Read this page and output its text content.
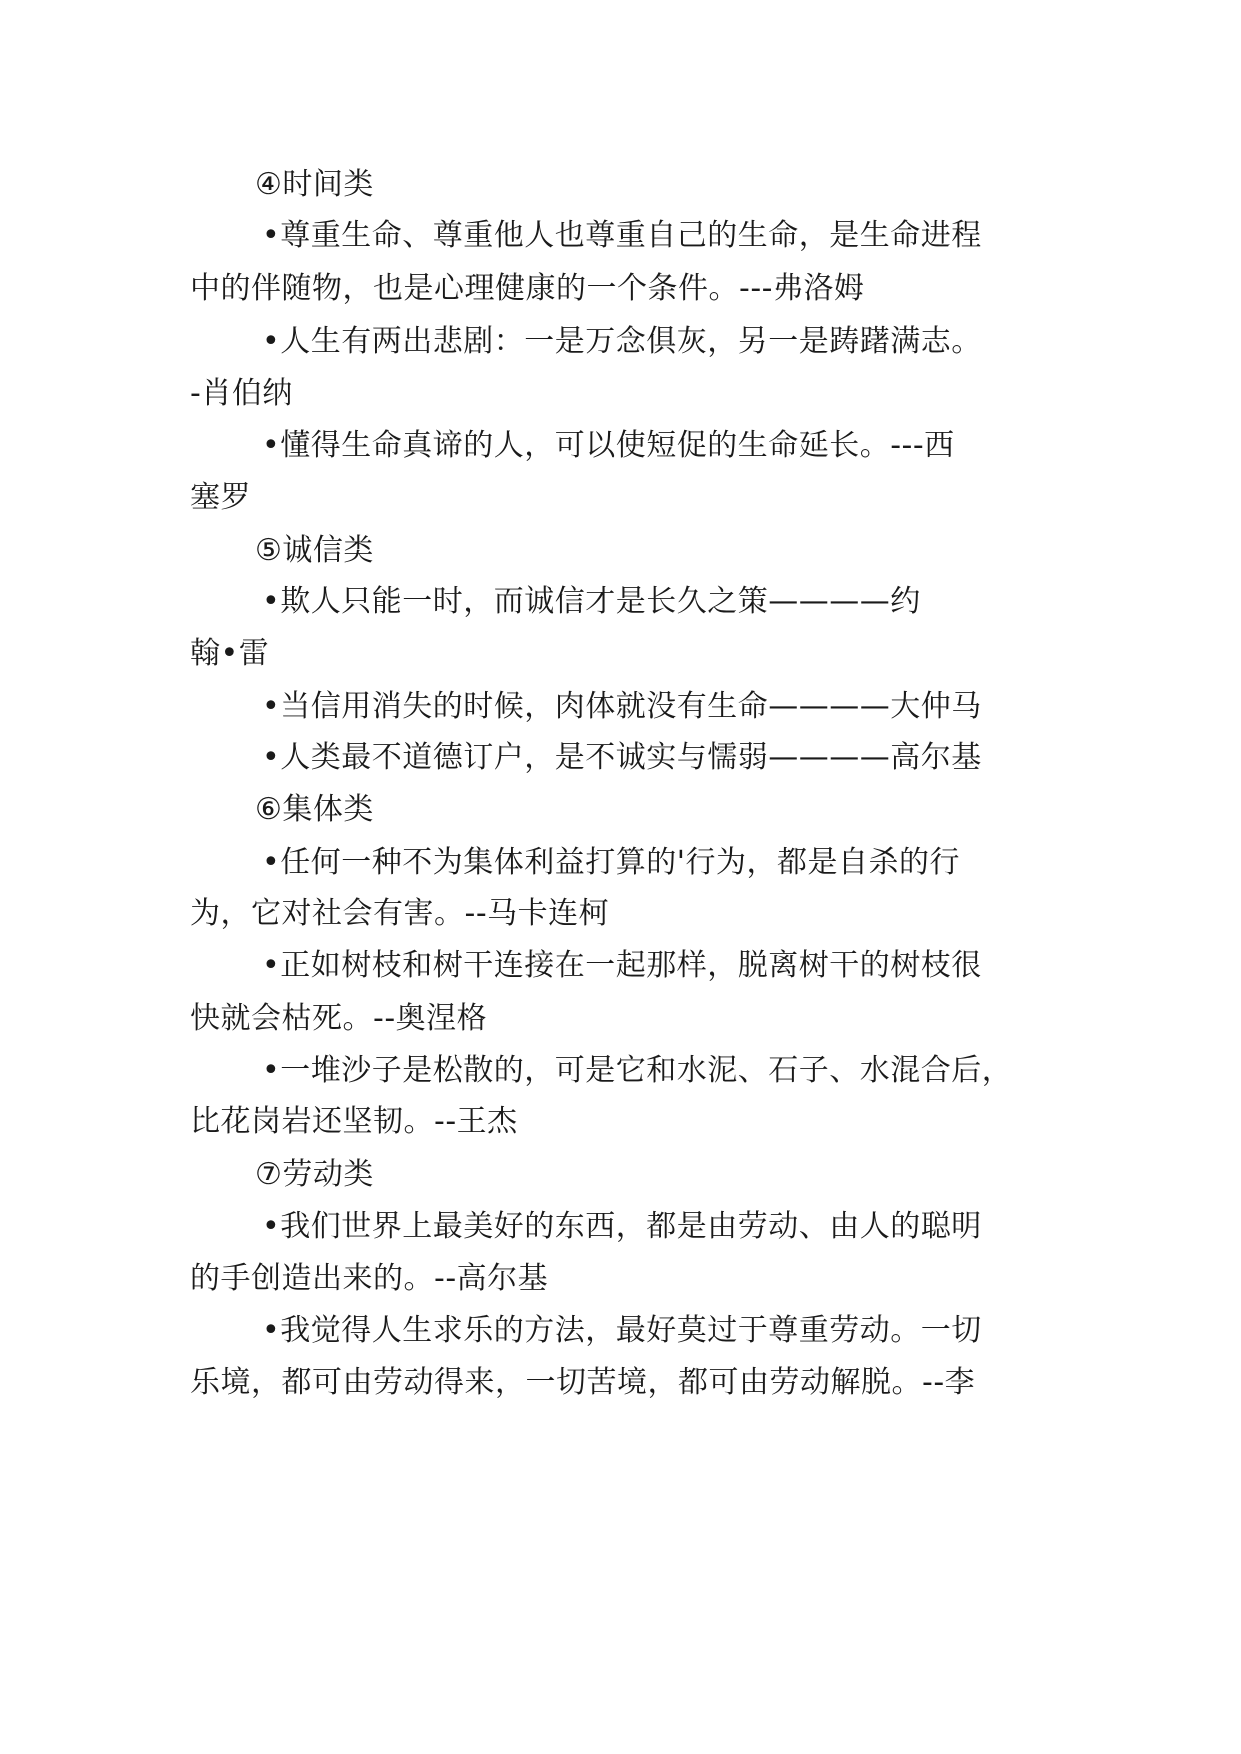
④时间类
•尊重生命、尊重他人也尊重自己的生命，是生命进程
中的伴随物，也是心理健康的一个条件。---弗洛姆
•人生有两出悲剧：一是万念俱灰，另一是踌躇满志。
-肖伯纳
•懂得生命真谛的人，可以使短促的生命延长。---西
塞罗
⑤诚信类
•欺人只能一时，而诚信才是长久之策————约
翰•雷
•当信用消失的时候，肉体就没有生命————大仲马
•人类最不道德订户，是不诚实与懦弱————高尔基
⑥集体类
•任何一种不为集体利益打算的'行为，都是自杀的行
为，它对社会有害。--马卡连柯
•正如树枝和树干连接在一起那样，脱离树干的树枝很
快就会枯死。--奥涅格
•一堆沙子是松散的，可是它和水泥、石子、水混合后，
比花岗岩还坚韧。--王杰
⑦劳动类
•我们世界上最美好的东西，都是由劳动、由人的聪明
的手创造出来的。--高尔基
•我觉得人生求乐的方法，最好莫过于尊重劳动。一切
乐境，都可由劳动得来，一切苦境，都可由劳动解脱。--李
